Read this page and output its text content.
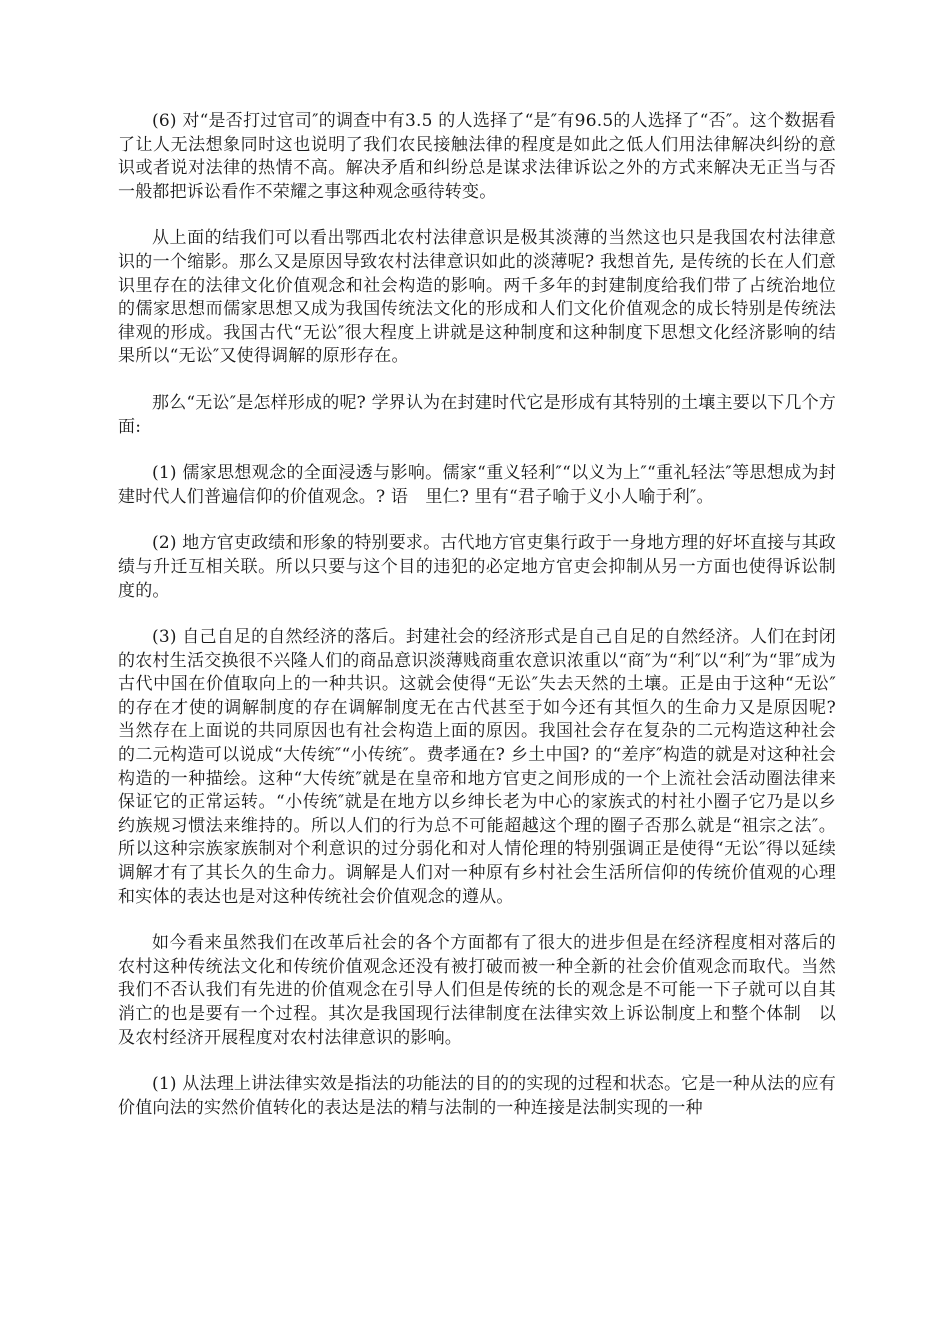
(6) 对“是否打过官司″的调查中有3.5 的人选择了“是″有96.5的人选择了“否″。这个数据看了让人无法想象同时这也说明了我们农民接触法律的程度是如此之低人们用法律解决纠纷的意识或者说对法律的热情不高。解决矛盾和纠纷总是谋求法律诉讼之外的方式来解决无正当与否一般都把诉讼看作不荣耀之事这种观念亟待转变。

从上面的结我们可以看出鄂西北农村法律意识是极其淡薄的当然这也只是我国农村法律意识的一个缩影。那么又是原因导致农村法律意识如此的淡薄呢? 我想首先, 是传统的长在人们意识里存在的法律文化价值观念和社会构造的影响。两千多年的封建制度给我们带了占统治地位的儒家思想而儒家思想又成为我国传统法文化的形成和人们文化价值观念的成长特别是传统法律观的形成。我国古代“无讼″很大程度上讲就是这种制度和这种制度下思想文化经济影响的结果所以“无讼″又使得调解的原形存在。

那么“无讼″是怎样形成的呢? 学界认为在封建时代它是形成有其特别的土壤主要以下几个方面:

(1) 儒家思想观念的全面浸透与影响。儒家“重义轻利″“以义为上″“重礼轻法″等思想成为封建时代人们普遍信仰的价值观念。? 语　里仁? 里有“君子喻于义小人喻于利″。

(2) 地方官吏政绩和形象的特别要求。古代地方官吏集行政于一身地方理的好坏直接与其政绩与升迁互相关联。所以只要与这个目的违犯的必定地方官吏会抑制从另一方面也使得诉讼制度的。

(3) 自己自足的自然经济的落后。封建社会的经济形式是自己自足的自然经济。人们在封闭的农村生活交换很不兴隆人们的商品意识淡薄贱商重农意识浓重以“商″为“利″以“利″为“罪″成为古代中国在价值取向上的一种共识。这就会使得“无讼″失去天然的土壤。正是由于这种“无讼″的存在才使的调解制度的存在调解制度无在古代甚至于如今还有其恒久的生命力又是原因呢? 当然存在上面说的共同原因也有社会构造上面的原因。我国社会存在复杂的二元构造这种社会的二元构造可以说成“大传统″“小传统″。费孝通在? 乡土中国? 的“差序″构造的就是对这种社会构造的一种描绘。这种“大传统″就是在皇帝和地方官吏之间形成的一个上流社会活动圈法律来保证它的正常运转。“小传统″就是在地方以乡绅长老为中心的家族式的村社小圈子它乃是以乡约族规习惯法来维持的。所以人们的行为总不可能超越这个理的圈子否那么就是“祖宗之法″。所以这种宗族家族制对个利意识的过分弱化和对人情伦理的特别强调正是使得“无讼″得以延续调解才有了其长久的生命力。调解是人们对一种原有乡村社会生活所信仰的传统价值观的心理和实体的表达也是对这种传统社会价值观念的遵从。

如今看来虽然我们在改革后社会的各个方面都有了很大的进步但是在经济程度相对落后的农村这种传统法文化和传统价值观念还没有被打破而被一种全新的社会价值观念而取代。当然我们不否认我们有先进的价值观念在引导人们但是传统的长的观念是不可能一下子就可以自其消亡的也是要有一个过程。其次是我国现行法律制度在法律实效上诉讼制度上和整个体制　以及农村经济开展程度对农村法律意识的影响。

(1) 从法理上讲法律实效是指法的功能法的目的的实现的过程和状态。它是一种从法的应有价值向法的实然价值转化的表达是法的精与法制的一种连接是法制实现的一种
